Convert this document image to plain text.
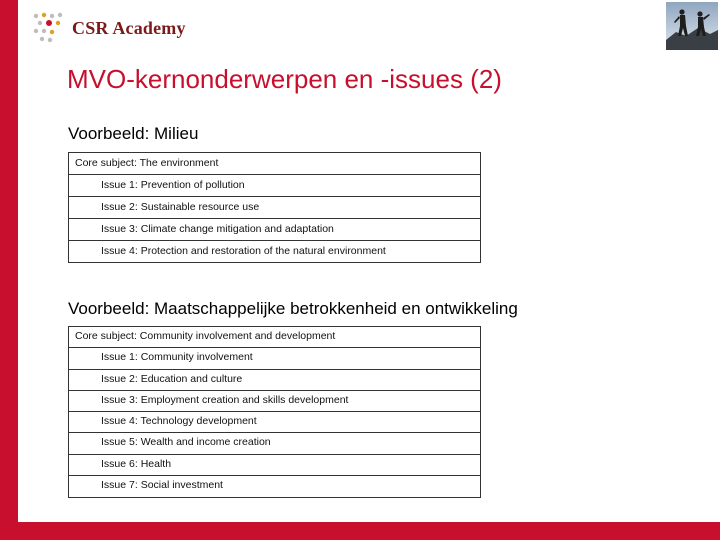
CSR Academy
MVO-kernonderwerpen en -issues (2)
Voorbeeld: Milieu
Core subject: The environment
Issue 1: Prevention of pollution
Issue 2: Sustainable resource use
Issue 3: Climate change mitigation and adaptation
Issue 4: Protection and restoration of the natural environment
Voorbeeld: Maatschappelijke betrokkenheid en ontwikkeling
Core subject: Community involvement and development
Issue 1: Community involvement
Issue 2: Education and culture
Issue 3: Employment creation and skills development
Issue 4: Technology development
Issue 5: Wealth and income creation
Issue 6: Health
Issue 7: Social investment
